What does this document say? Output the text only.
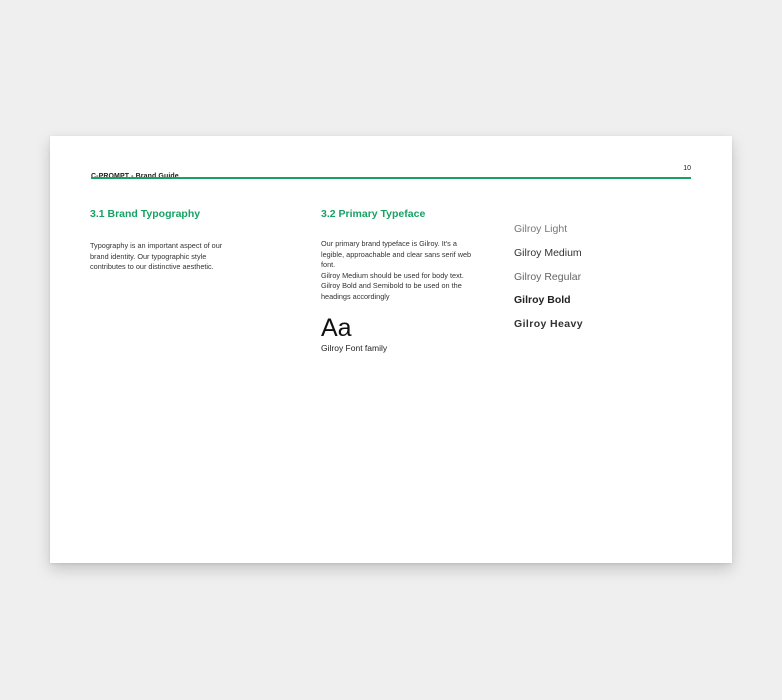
10
3.1 Brand Typography
Typography is an important aspect of our brand identity. Our typographic style contributes to our distinctive aesthetic.
3.2 Primary Typeface
Our primary brand typeface is Gilroy. It's a legible, approachable and clear sans serif web font.
Gilroy Medium should be used for body text. Gilroy Bold and Semibold to be used on the headings accordingly
Aa
Gilroy Font family
Gilroy Light
Gilroy Medium
Gilroy Regular
Gilroy Bold
Gilroy Heavy
